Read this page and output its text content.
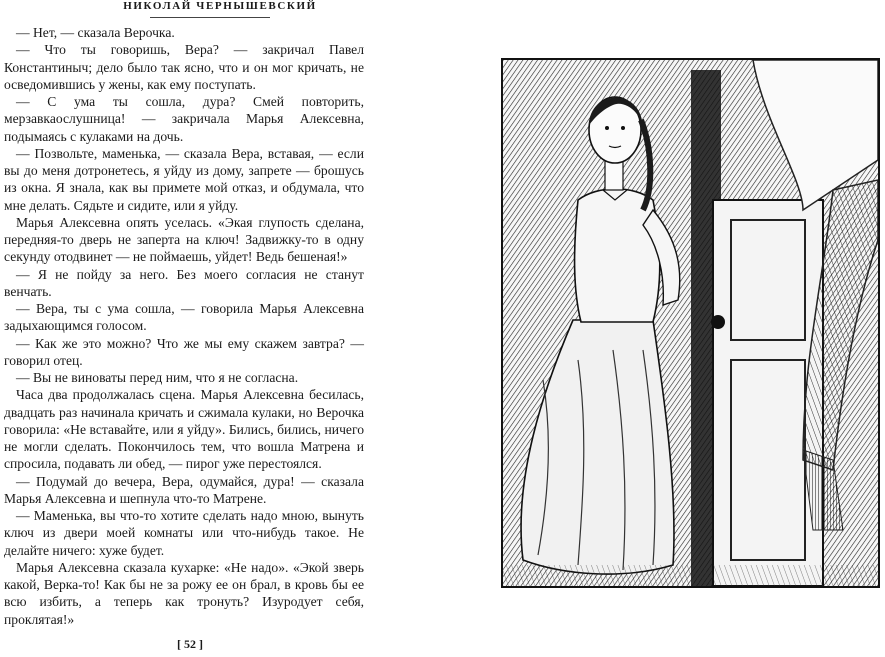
НИКОЛАЙ ЧЕРНЫШЕВСКИЙ

— Нет, — сказала Верочка.

— Что ты говоришь, Вера? — закричал Павел Константиныч; дело было так ясно, что и он мог кричать, не осведомившись у жены, как ему поступать.

— С ума ты сошла, дура? Смей повторить, мерзавкаослушница! — закричала Марья Алексевна, подымаясь с кулаками на дочь.

— Позвольте, маменька, — сказала Вера, вставая, — если вы до меня дотронетесь, я уйду из дому, запрете — брошусь из окна. Я знала, как вы примете мой отказ, и обдумала, что мне делать. Сядьте и сидите, или я уйду.

Марья Алексевна опять уселась. «Экая глупость сделана, передняя-то дверь не заперта на ключ! Задвижку-то в одну секунду отодвинет — не поймаешь, уйдет! Ведь бешеная!»

— Я не пойду за него. Без моего согласия не станут венчать.

— Вера, ты с ума сошла, — говорила Марья Алексевна задыхающимся голосом.

— Как же это можно? Что же мы ему скажем завтра? — говорил отец.

— Вы не виноваты перед ним, что я не согласна.

Часа два продолжалась сцена. Марья Алексевна бесилась, двадцать раз начинала кричать и сжимала кулаки, но Верочка говорила: «Не вставайте, или я уйду». Бились, бились, ничего не могли сделать. Покончилось тем, что вошла Матрена и спросила, подавать ли обед, — пирог уже перестоялся.

— Подумай до вечера, Вера, одумайся, дура! — сказала Марья Алексевна и шепнула что-то Матрене.

— Маменька, вы что-то хотите сделать надо мною, вынуть ключ из двери моей комнаты или что-нибудь такое. Не делайте ничего: хуже будет.

Марья Алексевна сказала кухарке: «Не надо». «Экой зверь какой, Верка-то! Как бы не за рожу ее он брал, в кровь бы ее всю избить, а теперь как тронуть? Изуродует себя, проклятая!»

[ 52 ]
